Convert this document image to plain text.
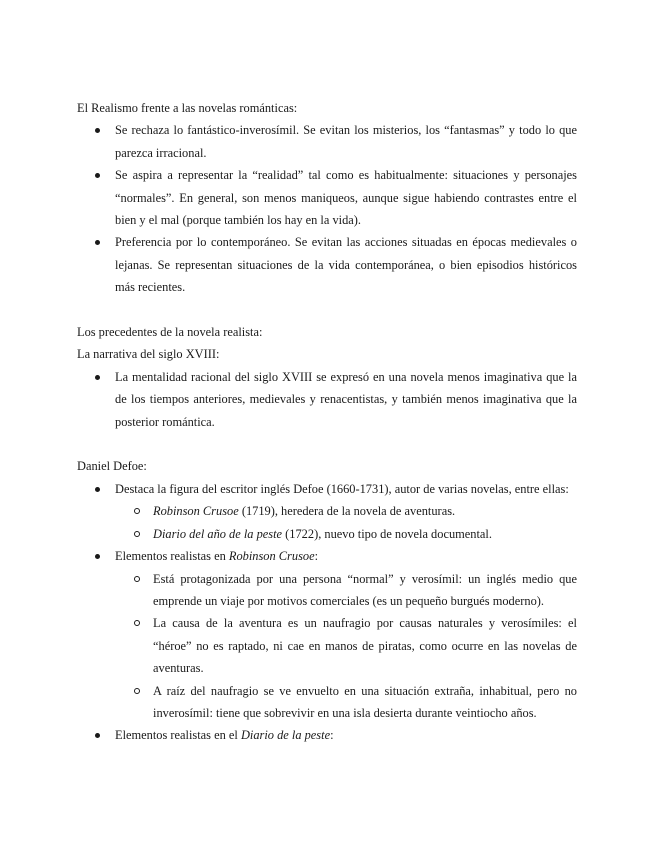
El Realismo frente a las novelas románticas:

Se rechaza lo fantástico-inverosímil. Se evitan los misterios, los “fantasmas” y todo lo que parezca irracional.
Se aspira a representar la “realidad” tal como es habitualmente: situaciones y personajes “normales”. En general, son menos maniqueos, aunque sigue habiendo contrastes entre el bien y el mal (porque también los hay en la vida).
Preferencia por lo contemporáneo. Se evitan las acciones situadas en épocas medievales o lejanas. Se representan situaciones de la vida contemporánea, o bien episodios históricos más recientes.

Los precedentes de la novela realista:

La narrativa del siglo XVIII:

La mentalidad racional del siglo XVIII se expresó en una novela menos imaginativa que la de los tiempos anteriores, medievales y renacentistas, y también menos imaginativa que la posterior romántica.

Daniel Defoe:

Destaca la figura del escritor inglés Defoe (1660-1731), autor de varias novelas, entre ellas:
Robinson Crusoe (1719), heredera de la novela de aventuras.
Diario del año de la peste (1722), nuevo tipo de novela documental.
Elementos realistas en Robinson Crusoe:
Está protagonizada por una persona “normal” y verosímil: un inglés medio que emprende un viaje por motivos comerciales (es un pequeño burgués moderno).
La causa de la aventura es un naufragio por causas naturales y verosímiles: el “héroe” no es raptado, ni cae en manos de piratas, como ocurre en las novelas de aventuras.
A raíz del naufragio se ve envuelto en una situación extraña, inhabitual, pero no inverosímil: tiene que sobrevivir en una isla desierta durante veintiocho años.
Elementos realistas en el Diario de la peste:
